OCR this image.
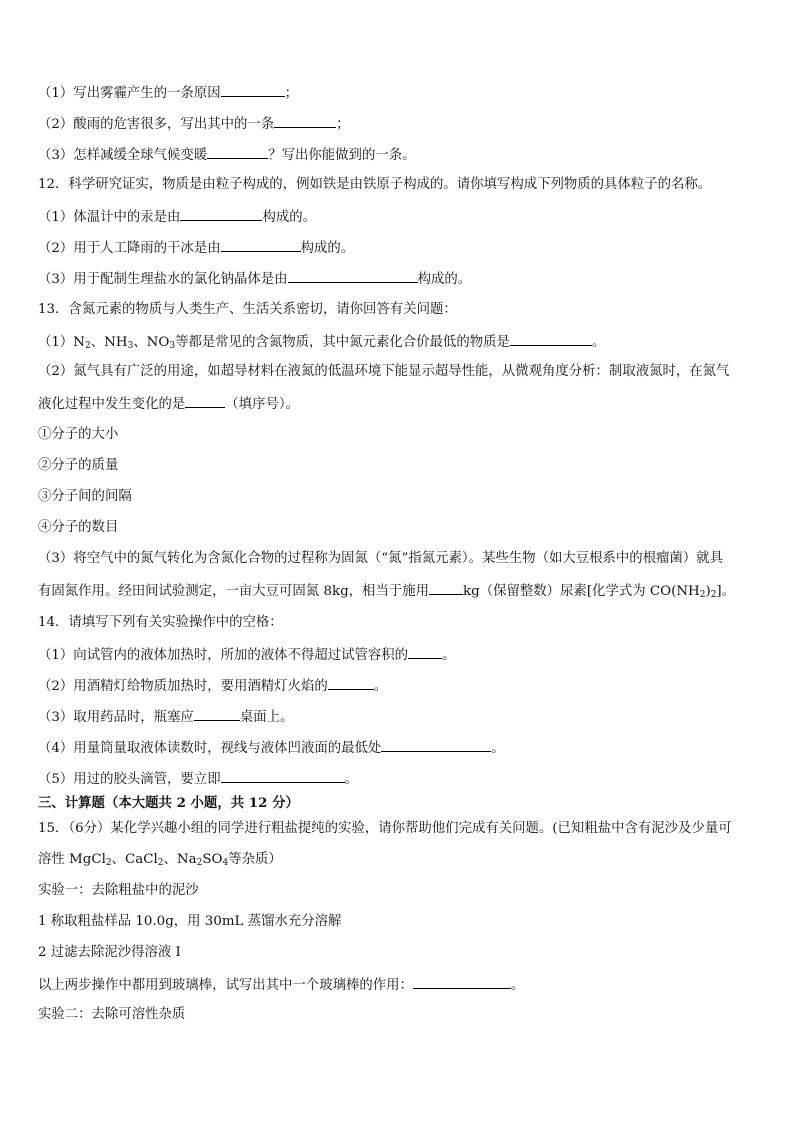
（1）写出雾霾产生的一条原因	；
（2）酸雨的危害很多，写出其中的一条	；
（3）怎样减缓全球气候变暖	？写出你能做到的一条。
12．科学研究证实，物质是由粒子构成的，例如铁是由铁原子构成的。请你填写构成下列物质的具体粒子的名称。
（1）体温计中的汞是由	构成的。
（2）用于人工降雨的干冰是由	构成的。
（3）用于配制生理盐水的氯化钠晶体是由	构成的。
13．含氮元素的物质与人类生产、生活关系密切，请你回答有关问题：
$(1)N_2$、$NH_3$、$NO_3$等都是常见的含氮物质，其中氮元素化合价最低的物质是	。
（2）氮气具有广泛的用途，如超导材料在液氮的低温环境下能显示超导性能，从微观角度分析：制取液氮时，在氮气
液化过程中发生变化的是	（填序号）。
①分子的大小
②分子的质量
③分子间的间隔
④分子的数目
（3）将空气中的氮气转化为含氮化合物的过程称为固氮（“氮”指氮元素）。某些生物（如大豆根系中的根瘤菌）就具
有固氮作用。经田间试验测定，一亩大豆可固氮 8kg，相当于施用	kg（保留整数）尿素[化学式为 $CO(NH_2)_2$]。
14．请填写下列有关实验操作中的空格：
（1）向试管内的液体加热时，所加的液体不得超过试管容积的	。
（2）用酒精灯给物质加热时，要用酒精灯火焰的	。
（3）取用药品时，瓶塞应	桌面上。
（4）用量筒量取液体读数时，视线与液体凹液面的最低处	。
（5）用过的胶头滴管，要立即	。
三、计算题（本大题共 2 小题，共 12 分）
15．（6分）某化学兴趣小组的同学进行粗盐提纯的实验，请你帮助他们完成有关问题。(已知粗盐中含有泥沙及少量可
溶性 MgCl$_2$、CaCl$_2$、$Na_2SO_4$等杂质）
实验一：去除粗盐中的泥沙
1 称取粗盐样品 10.0g，用 30mL 蒸馏水充分溶解
2 过滤去除泥沙得溶液 I
以上两步操作中都用到玻璃棒，试写出其中一个玻璃棒的作用：	。
实验二：去除可溶性杂质
